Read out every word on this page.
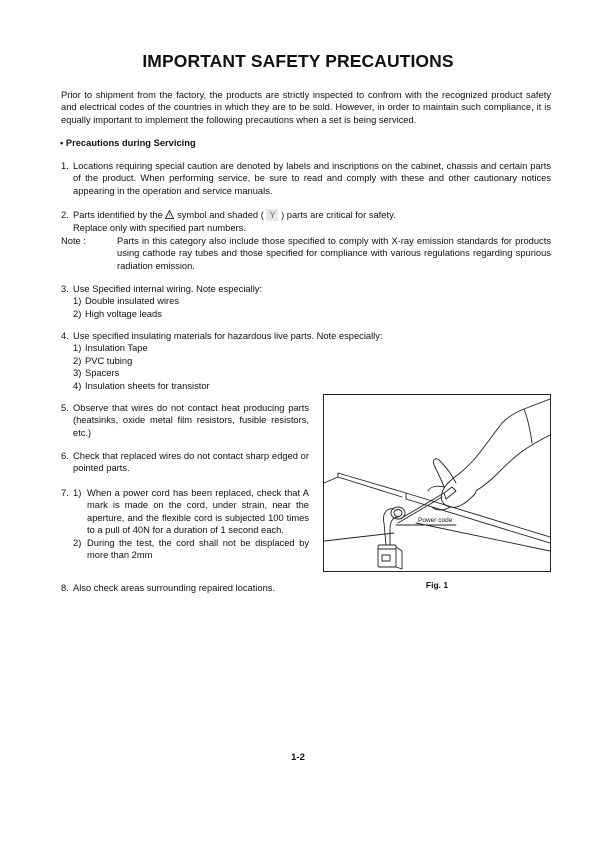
IMPORTANT SAFETY PRECAUTIONS

Prior to shipment from the factory, the products are strictly inspected to confrom with the recognized product safety and electrical codes of the countries in which they are to be sold. However, in order to maintain such compliance, it is equally important to implement the following precautions when a set is being serviced.

• Precautions during Servicing

1. Locations requiring special caution are denoted by labels and inscriptions on the cabinet, chassis and certain parts of the product. When performing service, be sure to read and comply with these and other cautionary notices appearing in the operation and service manuals.
2. Parts identified by the ! symbol and shaded ( Y ) parts are critical for safety.
Replace only with specified part numbers.
Note :	Parts in this category also include those specified to comply with X-ray emission standards for products using cathode ray tubes and those specified for compliance with various regulations regarding spurious radiation emission.
3. Use Specified internal wiring. Note especially:
1) Double insulated wires
2) High voltage leads
4. Use specified insulating materials for hazardous live parts. Note especially:
1) Insulation Tape
2) PVC tubing
3) Spacers
4) Insulation sheets for transistor
5. Observe that wires do not contact heat producing parts (heatsinks, oxide metal film resistors, fusible resistors, etc.)
6. Check that replaced wires do not contact sharp edged or pointed parts.
7. 1) When a power cord has been replaced, check that A mark is made on the cord, under strain, near the aperture, and the flexible cord is subjected 100 times to a pull of 40N for a duration of 1 second each.
2) During the test, the cord shall not be displaced by more than 2mm
8. Also check areas surrounding repaired locations.
Power code

Fig. 1

1-2
